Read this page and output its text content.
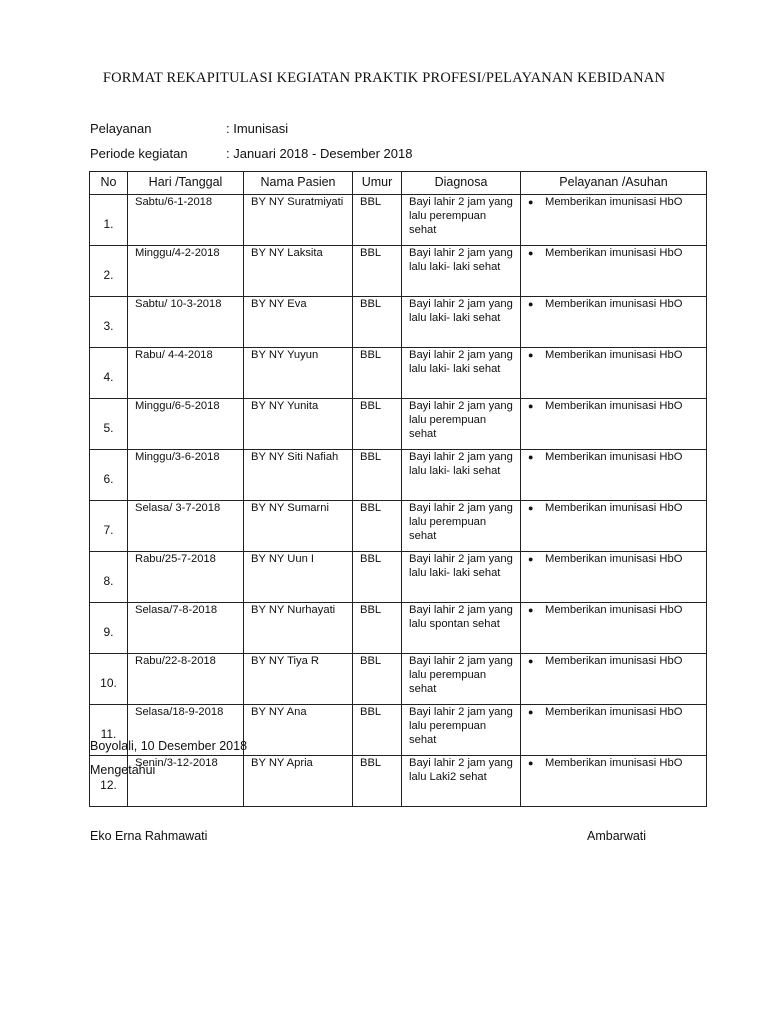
FORMAT REKAPITULASI KEGIATAN PRAKTIK PROFESI/PELAYANAN KEBIDANAN
Pelayanan	: Imunisasi
Periode kegiatan	: Januari 2018 - Desember 2018
No	Hari /Tanggal	Nama Pasien	Umur	Diagnosa	Pelayanan /Asuhan
1.	Sabtu/6-1-2018	BY NY Suratmiyati	BBL	Bayi lahir 2 jam yang lalu perempuan sehat	● Memberikan imunisasi HbO
2.	Minggu/4-2-2018	BY NY Laksita	BBL	Bayi lahir 2 jam yang lalu laki- laki sehat	● Memberikan imunisasi HbO
3.	Sabtu/ 10-3-2018	BY NY Eva	BBL	Bayi lahir 2 jam yang lalu laki- laki sehat	● Memberikan imunisasi HbO
4.	Rabu/ 4-4-2018	BY NY Yuyun	BBL	Bayi lahir 2 jam yang lalu laki- laki sehat	● Memberikan imunisasi HbO
5.	Minggu/6-5-2018	BY NY Yunita	BBL	Bayi lahir 2 jam yang lalu perempuan sehat	● Memberikan imunisasi HbO
6.	Minggu/3-6-2018	BY NY Siti Nafiah	BBL	Bayi lahir 2 jam yang lalu laki- laki sehat	● Memberikan imunisasi HbO
7.	Selasa/ 3-7-2018	BY NY Sumarni	BBL	Bayi lahir 2 jam yang lalu perempuan sehat	● Memberikan imunisasi HbO
8.	Rabu/25-7-2018	BY NY Uun I	BBL	Bayi lahir 2 jam yang lalu laki- laki sehat	● Memberikan imunisasi HbO
9.	Selasa/7-8-2018	BY NY Nurhayati	BBL	Bayi lahir 2 jam yang lalu spontan sehat	● Memberikan imunisasi HbO
10.	Rabu/22-8-2018	BY NY Tiya R	BBL	Bayi lahir 2 jam yang lalu perempuan sehat	● Memberikan imunisasi HbO
11.	Selasa/18-9-2018	BY NY Ana	BBL	Bayi lahir 2 jam yang lalu perempuan sehat	● Memberikan imunisasi HbO
12.	Senin/3-12-2018	BY NY Apria	BBL	Bayi lahir 2 jam yang lalu Laki2 sehat	● Memberikan imunisasi HbO
Boyolali, 10 Desember 2018
Mengetahui
Eko Erna Rahmawati	Ambarwati
